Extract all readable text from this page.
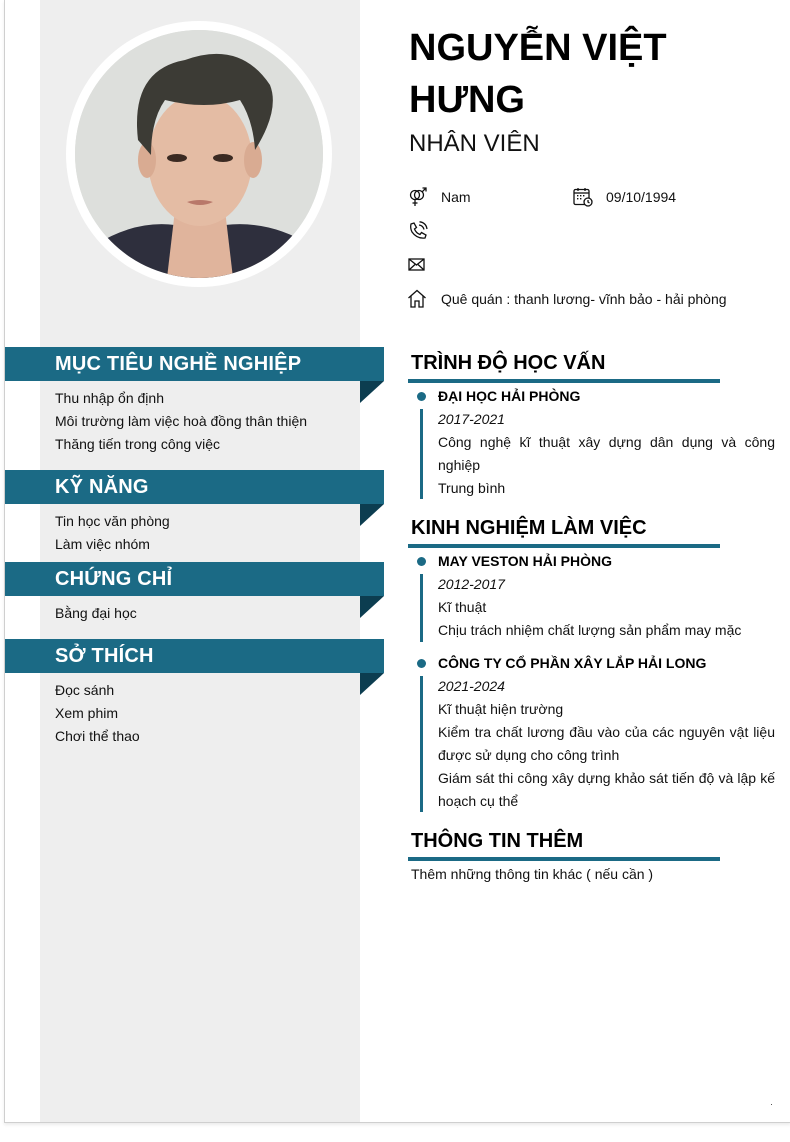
MỤC TIÊU NGHỀ NGHIỆP
Thu nhập ổn định
Môi trường làm việc hoà đồng thân thiện
Thăng tiến trong công việc
KỸ NĂNG
Tin học văn phòng
Làm việc nhóm
CHỨNG CHỈ
Bằng đại học
SỞ THÍCH
Đọc sánh
Xem phim
Chơi thể thao
NGUYỄN VIỆT HƯNG
NHÂN VIÊN
Nam	09/10/1994
Quê quán : thanh lương- vĩnh bảo - hải phòng
TRÌNH ĐỘ HỌC VẤN
ĐẠI HỌC HẢI PHÒNG
2017-2021
Công nghệ kĩ thuật xây dựng dân dụng và công nghiệp
Trung bình
KINH NGHIỆM LÀM VIỆC
MAY VESTON HẢI PHÒNG
2012-2017
Kĩ thuật
Chịu trách nhiệm chất lượng sản phẩm may mặc
CÔNG TY CỔ PHẦN XÂY LẮP HẢI LONG
2021-2024
Kĩ thuật hiện trường
Kiểm tra chất lương đầu vào của các nguyên vật liệu được sử dụng cho công trình
Giám sát thi công xây dựng khảo sát tiến độ và lập kế hoạch cụ thể
THÔNG TIN THÊM
Thêm những thông tin khác ( nếu cần )
